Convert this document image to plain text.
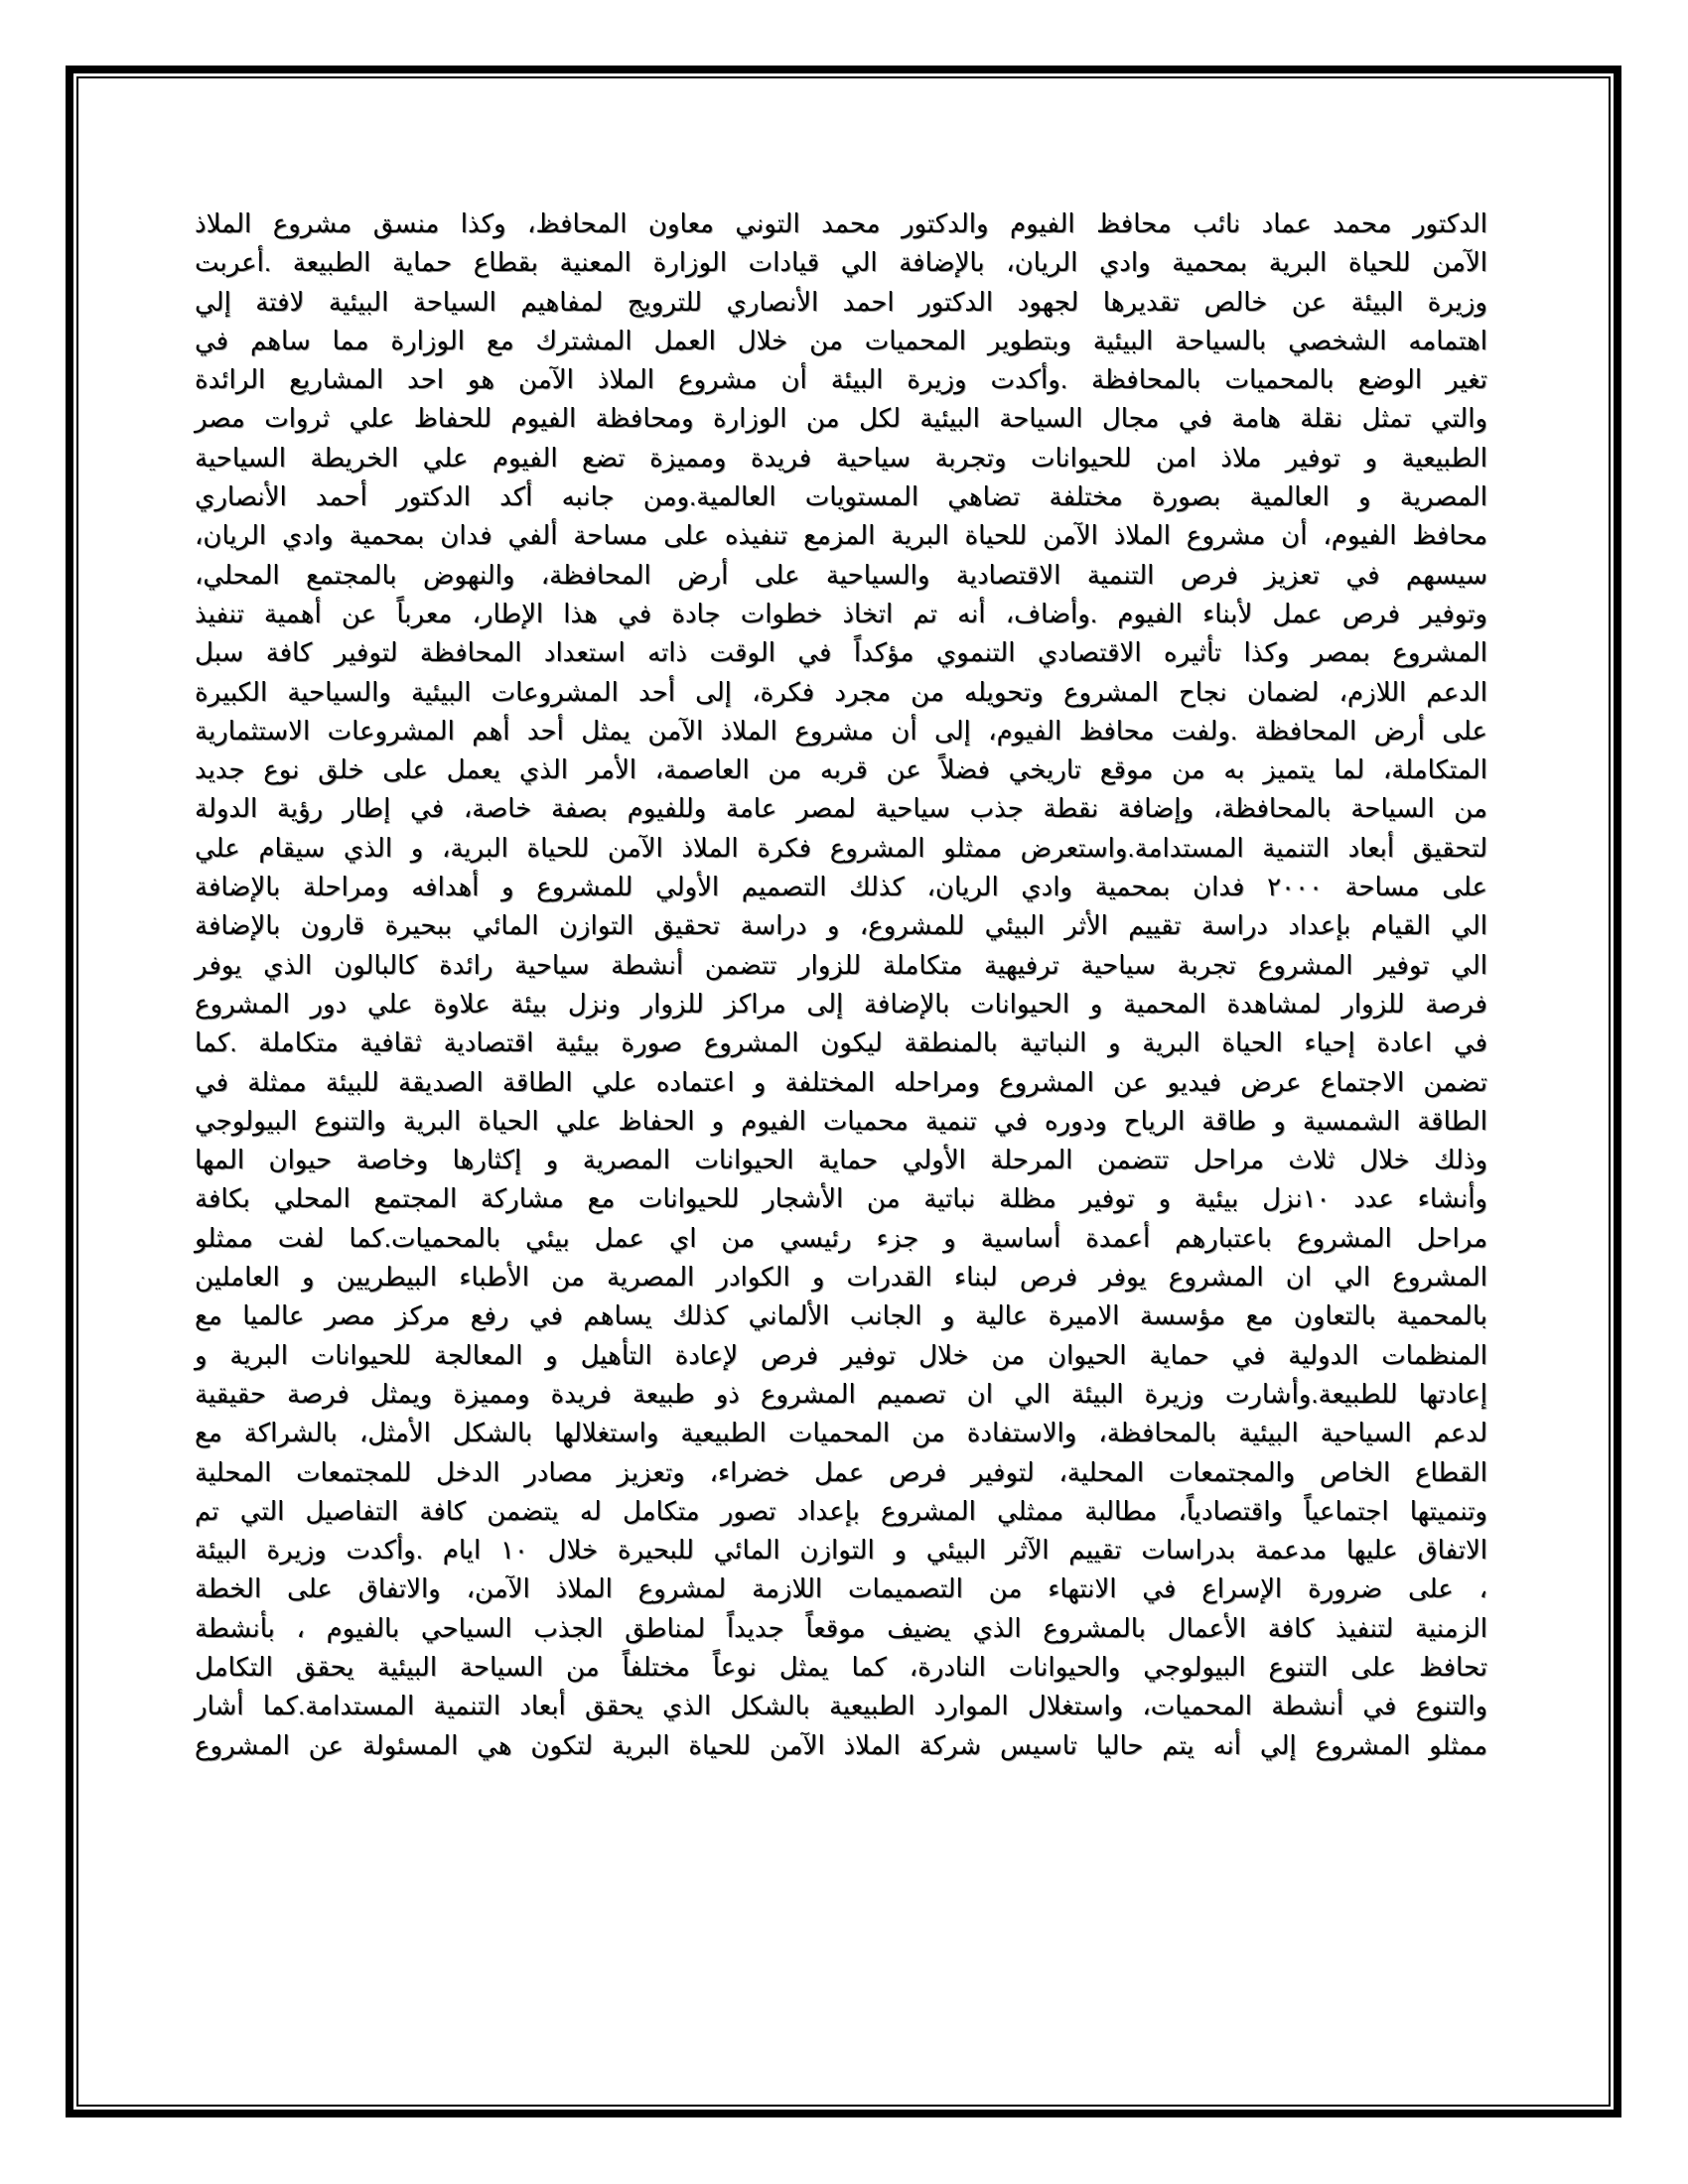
الدكتور محمد عماد نائب محافظ الفيوم والدكتور محمد التوني معاون المحافظ، وكذا منسق مشروع الملاذ
الآمن للحياة البرية بمحمية وادي الريان، بالإضافة الي قيادات الوزارة المعنية بقطاع حماية الطبيعة .أعربت
وزيرة البيئة عن خالص تقديرها لجهود الدكتور احمد الأنصاري للترويج لمفاهيم السياحة البيئية لافتة إلي
اهتمامه الشخصي بالسياحة البيئية وبتطوير المحميات من خلال العمل المشترك مع الوزارة مما ساهم في
تغير الوضع بالمحميات بالمحافظة .وأكدت وزيرة البيئة أن مشروع الملاذ الآمن هو احد المشاريع الرائدة
والتي تمثل نقلة هامة في مجال السياحة البيئية لكل من الوزارة ومحافظة الفيوم للحفاظ علي ثروات مصر
الطبيعية و توفير ملاذ امن للحيوانات وتجربة سياحية فريدة ومميزة تضع الفيوم علي الخريطة السياحية
المصرية و العالمية بصورة مختلفة تضاهي المستويات العالمية.ومن جانبه أكد الدكتور أحمد الأنصاري
محافظ الفيوم، أن مشروع الملاذ الآمن للحياة البرية المزمع تنفيذه على مساحة ألفي فدان بمحمية وادي الريان،
سيسهم في تعزيز فرص التنمية الاقتصادية والسياحية على أرض المحافظة، والنهوض بالمجتمع المحلي،
وتوفير فرص عمل لأبناء الفيوم .وأضاف، أنه تم اتخاذ خطوات جادة في هذا الإطار، معرباً عن أهمية تنفيذ
المشروع بمصر وكذا تأثيره الاقتصادي التنموي مؤكداً في الوقت ذاته استعداد المحافظة لتوفير كافة سبل
الدعم اللازم، لضمان نجاح المشروع وتحويله من مجرد فكرة، إلى أحد المشروعات البيئية والسياحية الكبيرة
على أرض المحافظة .ولفت محافظ الفيوم، إلى أن مشروع الملاذ الآمن يمثل أحد أهم المشروعات الاستثمارية
المتكاملة، لما يتميز به من موقع تاريخي فضلاً عن قربه من العاصمة، الأمر الذي يعمل على خلق نوع جديد
من السياحة بالمحافظة، وإضافة نقطة جذب سياحية لمصر عامة وللفيوم بصفة خاصة، في إطار رؤية الدولة
لتحقيق أبعاد التنمية المستدامة.واستعرض ممثلو المشروع فكرة الملاذ الآمن للحياة البرية، و الذي سيقام علي
على مساحة ٢٠٠٠ فدان بمحمية وادي الريان، كذلك التصميم الأولي للمشروع و أهدافه ومراحلة بالإضافة
الي القيام بإعداد دراسة تقييم الأثر البيئي للمشروع، و دراسة تحقيق التوازن المائي ببحيرة قارون بالإضافة
الي توفير المشروع تجربة سياحية ترفيهية متكاملة للزوار تتضمن أنشطة سياحية رائدة كالبالون الذي يوفر
فرصة للزوار لمشاهدة المحمية و الحيوانات بالإضافة إلى مراكز للزوار ونزل بيئة علاوة علي دور المشروع
في اعادة إحياء الحياة البرية و النباتية بالمنطقة ليكون المشروع صورة بيئية اقتصادية ثقافية متكاملة .كما
تضمن الاجتماع عرض فيديو عن المشروع ومراحله المختلفة و اعتماده علي الطاقة الصديقة للبيئة ممثلة في
الطاقة الشمسية و طاقة الرياح ودوره في تنمية محميات الفيوم و الحفاظ علي الحياة البرية والتنوع البيولوجي
وذلك خلال ثلاث مراحل تتضمن المرحلة الأولي حماية الحيوانات المصرية و إكثارها وخاصة حيوان المها
وأنشاء عدد ١٠نزل بيئية و توفير مظلة نباتية من الأشجار للحيوانات مع مشاركة المجتمع المحلي بكافة
مراحل المشروع باعتبارهم أعمدة أساسية و جزء رئيسي من اي عمل بيئي بالمحميات.كما لفت ممثلو
المشروع الي ان المشروع يوفر فرص لبناء القدرات و الكوادر المصرية من الأطباء البيطريين و العاملين
بالمحمية بالتعاون مع مؤسسة الاميرة عالية و الجانب الألماني كذلك يساهم في رفع مركز مصر عالميا مع
المنظمات الدولية في حماية الحيوان من خلال توفير فرص لإعادة التأهيل و المعالجة للحيوانات البرية و
إعادتها للطبيعة.وأشارت وزيرة البيئة الي ان تصميم المشروع ذو طبيعة فريدة ومميزة ويمثل فرصة حقيقية
لدعم السياحية البيئية بالمحافظة، والاستفادة من المحميات الطبيعية واستغلالها بالشكل الأمثل، بالشراكة مع
القطاع الخاص والمجتمعات المحلية، لتوفير فرص عمل خضراء، وتعزيز مصادر الدخل للمجتمعات المحلية
وتنميتها اجتماعياً واقتصادياً، مطالبة ممثلي المشروع بإعداد تصور متكامل له يتضمن كافة التفاصيل التي تم
الاتفاق عليها مدعمة بدراسات تقييم الآثر البيئي و التوازن المائي للبحيرة خلال ١٠ ايام .وأكدت وزيرة البيئة
، على ضرورة الإسراع في الانتهاء من التصميمات اللازمة لمشروع الملاذ الآمن، والاتفاق على الخطة
الزمنية لتنفيذ كافة الأعمال بالمشروع الذي يضيف موقعاً جديداً لمناطق الجذب السياحي بالفيوم ، بأنشطة
تحافظ على التنوع البيولوجي والحيوانات النادرة، كما يمثل نوعاً مختلفاً من السياحة البيئية يحقق التكامل
والتنوع في أنشطة المحميات، واستغلال الموارد الطبيعية بالشكل الذي يحقق أبعاد التنمية المستدامة.كما أشار
ممثلو المشروع إلي أنه يتم حاليا تاسيس شركة الملاذ الآمن للحياة البرية لتكون هي المسئولة عن المشروع
